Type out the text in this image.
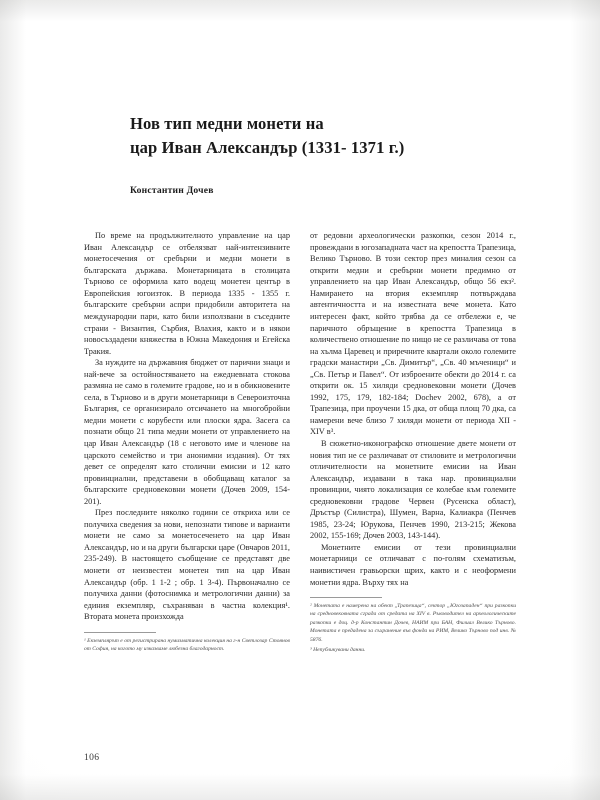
Нов тип медни монети на
цар Иван Александър (1331- 1371 г.)
Константин Дочев

По време на продължителното управление на цар Иван Александър се отбелязват най-интензивните монетосечения от сребърни и медни монети в българската държава. Монетарницата в столицата Търново се оформила като водещ монетен център в Европейския югоизток. В периода 1335 - 1355 г. българските сребърни аспри придобили авторитета на международни пари, като били използвани в съседните страни - Византия, Сърбия, Влахия, както и в някои новосъздадени княжества в Южна Македония и Егейска Тракия.

За нуждите на държавния бюджет от парични знаци и най-вече за остойностяването на ежедневната стокова размяна не само в големите градове, но и в обикновените села, в Търново и в други монетарници в Североизточна България, се организирало отсичането на многобройни медни монети с корубести или плоски ядра. Засега са познати общо 21 типа медни монети от управлението на цар Иван Александър (18 с неговото име и членове на царското семейство и три анонимни издания). От тях девет се определят като столични емисии и 12 като провинциални, представени в обобщаващ каталог за българските средновековни монети (Дочев 2009, 154-201).

През последните няколко години се откриха или се получиха сведения за нови, непознати типове и варианти монети не само за монетосеченето на цар Иван Александър, но и на други български царе (Овчаров 2011, 235-249). В настоящето съобщение се представят две монети от неизвестен монетен тип на цар Иван Александър (обр. 1 1-2 ; обр. 1 3-4). Първоначално се получиха данни (фотоснимка и метрологични данни) за единия екземпляр, съхраняван в частна колекция¹. Втората монета произхожда

¹ Екземплярът е от регистрирана нумизматична колекция на г-н Светлозар Стоянов от София, на когото му изказваме любезна благодарност.

от редовни археологически разкопки, сезон 2014 г., провеждани в югозападната част на крепостта Трапезица, Велико Търново. В този сектор през миналия сезон са открити медни и сребърни монети предимно от управлението на цар Иван Александър, общо 56 екз². Намирането на втория екземпляр потвърждава автентичността и на известната вече монета. Като интересен факт, който трябва да се отбележи е, че паричното обръщение в крепостта Трапезица в количествено отношение по нищо не се различава от това на хълма Царевец и приречните квартали около големите градски манастири „Св. Димитър“, „Св. 40 мъченици“ и „Св. Петър и Павел“. От изброените обекти до 2014 г. са открити ок. 15 хиляди средновековни монети (Дочев 1992, 175, 179, 182-184; Dochev 2002, 678), а от Трапезица, при проучени 15 дка, от обща площ 70 дка, са намерени вече близо 7 хиляди монети от периода XII - XIV в³.

В сюжетно-иконографско отношение двете монети от новия тип не се различават от стиловите и метрологични отличителности на монетните емисии на Иван Александър, издавани в така нар. провинциални провинции, чиято локализация се колебае към големите средновековни градове Червен (Русенска област), Дръстър (Силистра), Шумен, Варна, Калиакра (Пенчев 1985, 23-24; Юрукова, Пенчев 1990, 213-215; Жекова 2002, 155-169; Дочев 2003, 143-144).

Монетните емисии от тези провинциални монетарници се отличават с по-голям схематизъм, наивистичен гравьорски щрих, както и с неоформени монетни ядра. Върху тях на

² Монетата е намерена на обект „Трапезица“, сектор „Югозападен“ при разкопки на средновековната сграда от средата на XIV в. Ръководител на археологическите разкопки е доц. д-р Константин Дочев, НАИМ при БАН, Филиал Велико Търново. Монетата е предадена за съхранение във фонда на РИМ, Велико Търново под инв. № 5876.

³ Непубликувани данни.

106
